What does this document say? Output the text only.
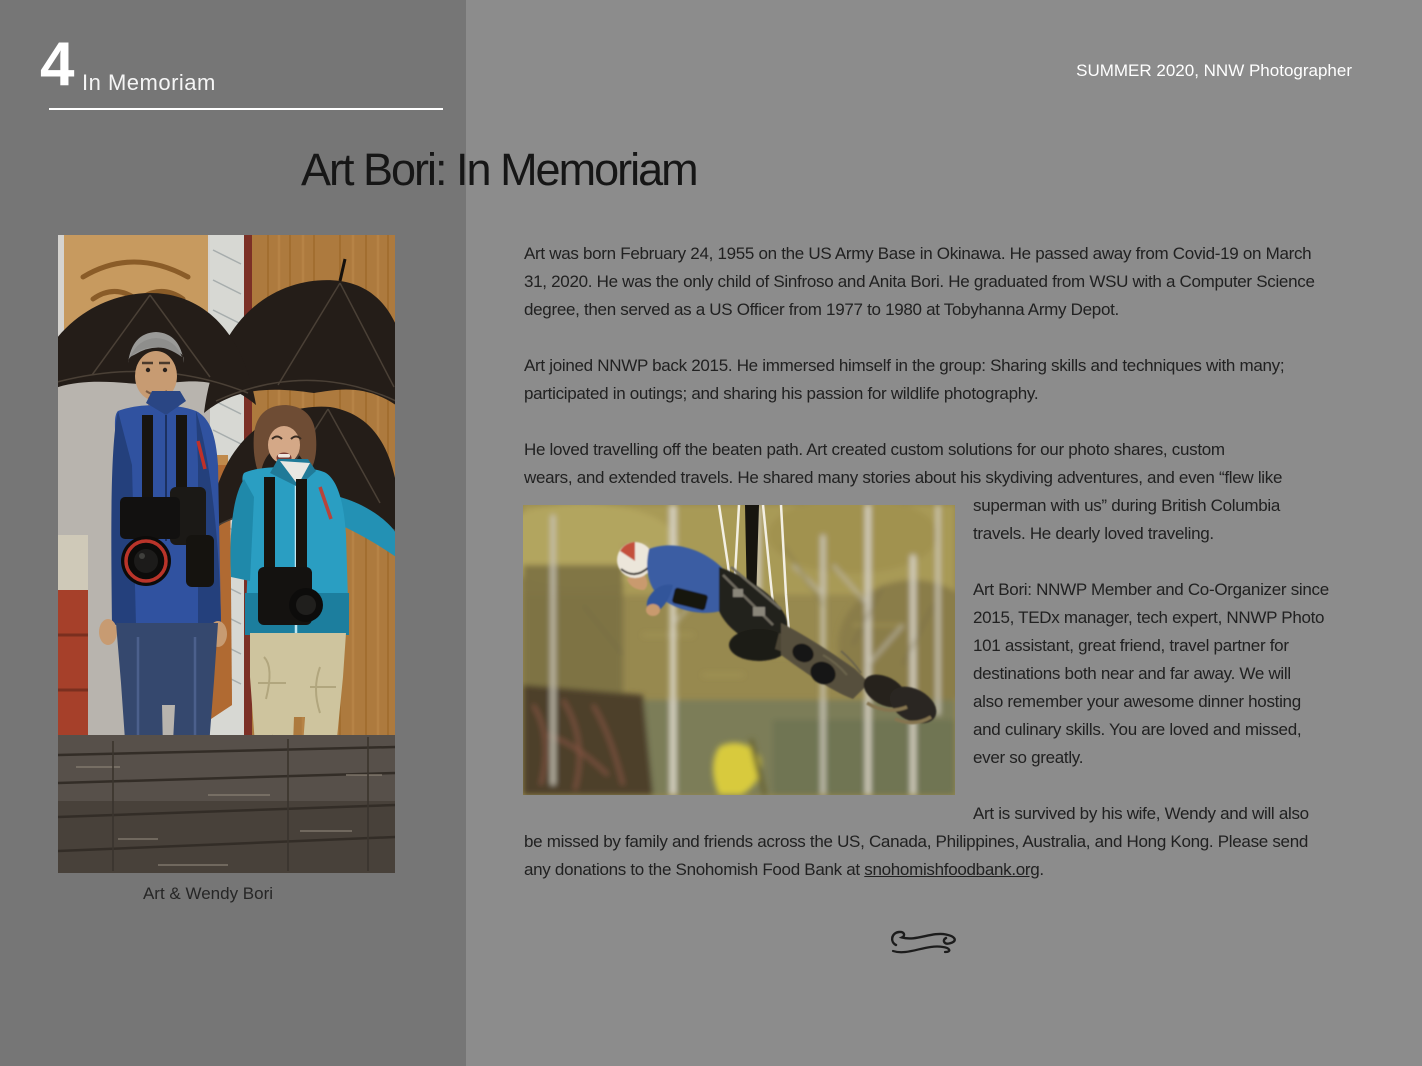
4 In Memoriam	SUMMER 2020, NNW Photographer
Art Bori: In Memoriam
Art & Wendy Bori
Art was born February 24, 1955 on the US Army Base in Okinawa. He passed away from Covid-19 on March
31, 2020. He was the only child of Sinfroso and Anita Bori. He graduated from WSU with a Computer Science
degree, then served as a US Officer from 1977 to 1980 at Tobyhanna Army Depot.
Art joined NNWP back 2015. He immersed himself in the group: Sharing skills and techniques with many;
participated in outings; and sharing his passion for wildlife photography.
He loved travelling off the beaten path. Art created custom solutions for our photo shares, custom
wears, and extended travels. He shared many stories about his skydiving adventures, and even “flew like
superman with us” during British Columbia
travels. He dearly loved traveling.
Art Bori: NNWP Member and Co-Organizer since
2015, TEDx manager, tech expert, NNWP Photo
101 assistant, great friend, travel partner for
destinations both near and far away. We will
also remember your awesome dinner hosting
and culinary skills. You are loved and missed,
ever so greatly.
Art is survived by his wife, Wendy and will also
be missed by family and friends across the US, Canada, Philippines, Australia, and Hong Kong. Please send
any donations to the Snohomish Food Bank at snohomishfoodbank.org.
